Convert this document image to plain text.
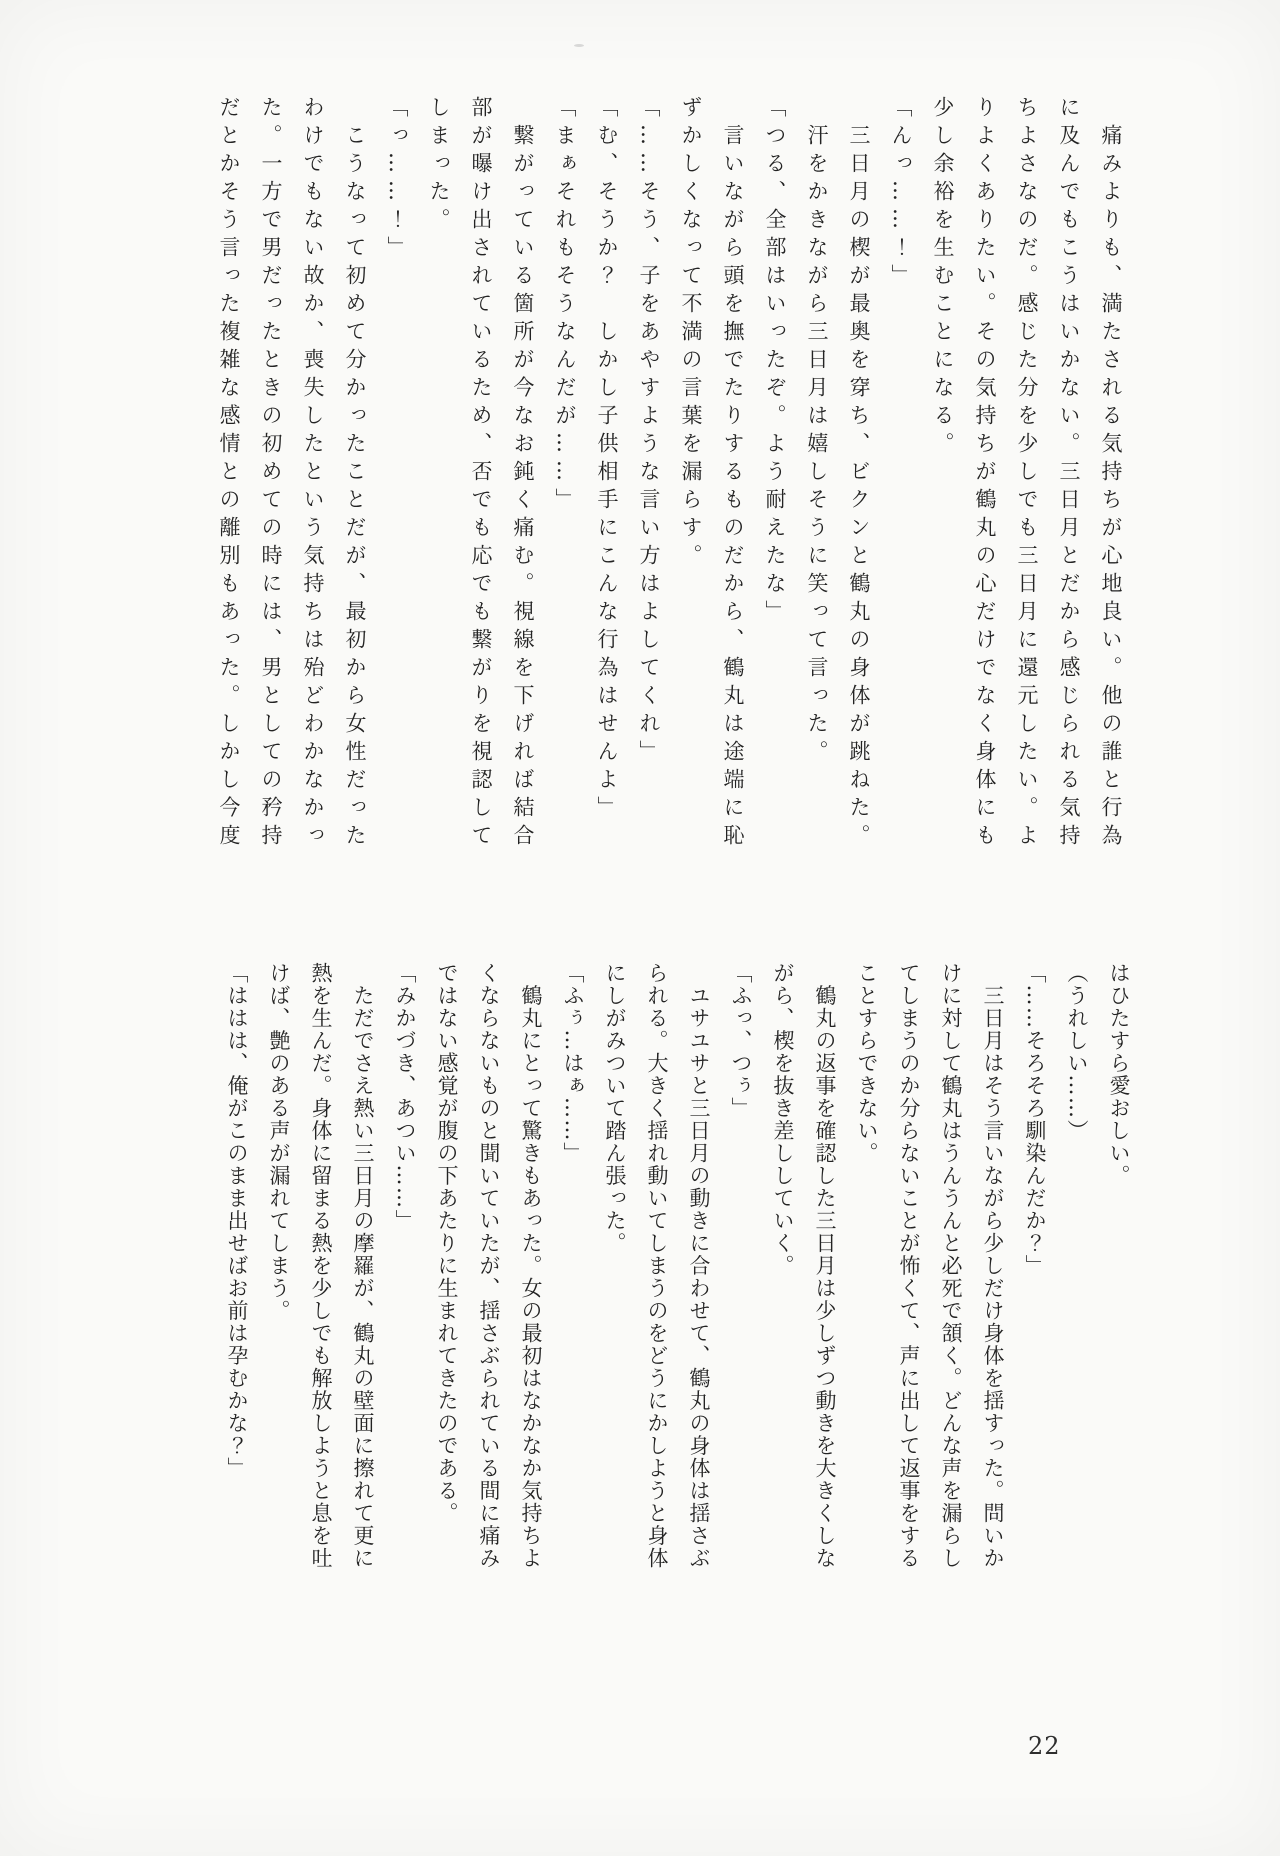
　痛みよりも、満たされる気持ちが心地良い。他の誰と行為
に及んでもこうはいかない。三日月とだから感じられる気持
ちよさなのだ。感じた分を少しでも三日月に還元したい。よ
りよくありたい。その気持ちが鶴丸の心だけでなく身体にも
少し余裕を生むことになる。
「んっ……！」
　三日月の楔が最奥を穿ち、ビクンと鶴丸の身体が跳ねた。
　汗をかきながら三日月は嬉しそうに笑って言った。
「つる、全部はいったぞ。よう耐えたな」
　言いながら頭を撫でたりするものだから、鶴丸は途端に恥
ずかしくなって不満の言葉を漏らす。
「……そう、子をあやすような言い方はよしてくれ」
「む、そうか？　しかし子供相手にこんな行為はせんよ」
「まぁそれもそうなんだが……」
　繋がっている箇所が今なお鈍く痛む。視線を下げれば結合
部が曝け出されているため、否でも応でも繋がりを視認して
しまった。
「っ……！」
　こうなって初めて分かったことだが、最初から女性だった
わけでもない故か、喪失したという気持ちは殆どわかなかっ
た。一方で男だったときの初めての時には、男としての矜持
だとかそう言った複雑な感情との離別もあった。しかし今度
はひたすら愛おしい。
（うれしい……）
「……そろそろ馴染んだか？」
　三日月はそう言いながら少しだけ身体を揺すった。問いか
けに対して鶴丸はうんうんと必死で頷く。どんな声を漏らし
てしまうのか分らないことが怖くて、声に出して返事をする
ことすらできない。
　鶴丸の返事を確認した三日月は少しずつ動きを大きくしな
がら、楔を抜き差ししていく。
「ふっ、つぅ」
　ユサユサと三日月の動きに合わせて、鶴丸の身体は揺さぶ
られる。大きく揺れ動いてしまうのをどうにかしようと身体
にしがみついて踏ん張った。
「ふぅ…はぁ……」
　鶴丸にとって驚きもあった。女の最初はなかなか気持ちよ
くならないものと聞いていたが、揺さぶられている間に痛み
ではない感覚が腹の下あたりに生まれてきたのである。
「みかづき、あつい……」
　ただでさえ熱い三日月の摩羅が、鶴丸の壁面に擦れて更に
熱を生んだ。身体に留まる熱を少しでも解放しようと息を吐
けば、艶のある声が漏れてしまう。
「ははは、俺がこのまま出せばお前は孕むかな？」
22
